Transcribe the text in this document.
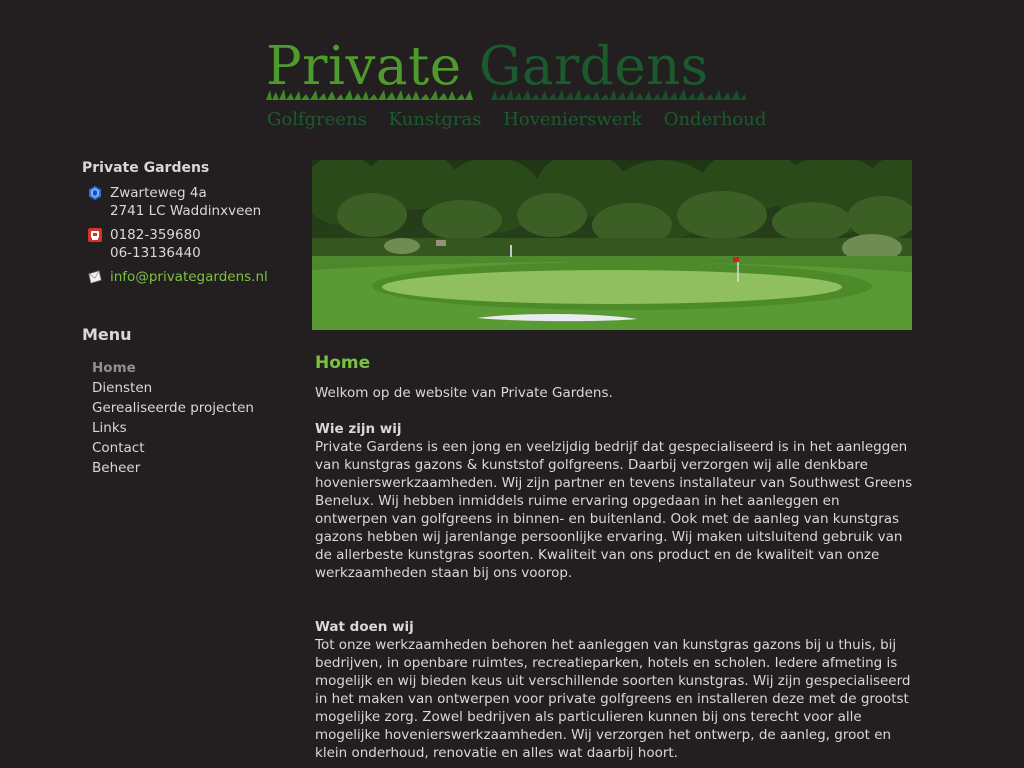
Private Gardens
Golfgreens Kunstgras Hovenierswerk Onderhoud
Private Gardens
Zwarteweg 4a
2741 LC Waddinxveen
0182-359680
06-13136440
info@privategardens.nl
Menu
Home
Diensten
Gerealiseerde projecten
Links
Contact
Beheer
Home

Welkom op de website van Private Gardens.

Wie zijn wij

Private Gardens is een jong en veelzijdig bedrijf dat gespecialiseerd is in het aanleggen van kunstgras gazons & kunststof golfgreens. Daarbij verzorgen wij alle denkbare hovenierswerkzaamheden. Wij zijn partner en tevens installateur van Southwest Greens Benelux. Wij hebben inmiddels ruime ervaring opgedaan in het aanleggen en ontwerpen van golfgreens in binnen- en buitenland. Ook met de aanleg van kunstgras gazons hebben wij jarenlange persoonlijke ervaring. Wij maken uitsluitend gebruik van de allerbeste kunstgras soorten. Kwaliteit van ons product en de kwaliteit van onze werkzaamheden staan bij ons voorop.

Wat doen wij

Tot onze werkzaamheden behoren het aanleggen van kunstgras gazons bij u thuis, bij bedrijven, in openbare ruimtes, recreatieparken, hotels en scholen. Iedere afmeting is mogelijk en wij bieden keus uit verschillende soorten kunstgras. Wij zijn gespecialiseerd in het maken van ontwerpen voor private golfgreens en installeren deze met de grootst mogelijke zorg. Zowel bedrijven als particulieren kunnen bij ons terecht voor alle mogelijke hovenierswerkzaamheden. Wij verzorgen het ontwerp, de aanleg, groot en klein onderhoud, renovatie en alles wat daarbij hoort.
